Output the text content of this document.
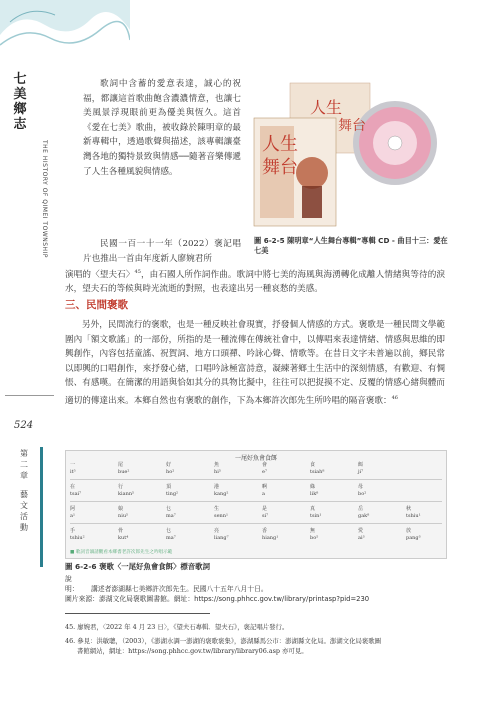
七
美
鄉
志
THE HISTORY OF QIMEI TOWNSHIP
524
第
二
章
藝
文
活
動

歌詞中含蓄的愛意表達，誠心的祝福，都讓這首歌曲飽含濃濃情意，也讓七美風景浮現眼前更為優美與恆久。這首《愛在七美》歌曲，被收錄於陳明章的最新專輯中，透過歌聲與描述，該專輯讓臺灣各地的獨特景致與情感──隨著音樂傳遞了人生各種風貌與情感。

民國一百一十一年（2022）褒記唱片也推出一首由年度新人廖婉君所

演唱的〈望夫石〉$^{45}$，由石國人所作詞作曲。歌詞中將七美的海風與海湧轉化成離人情緒與等待的淚水，望夫石的等候與時光流逝的對照，也表達出另一種哀愁的美感。

人生
舞台
人生
舞台
圖 6-2-5 陳明章“人生舞台專輯”專輯 CD - 曲目十三：愛在七美
三、民間褒歌

另外，民間流行的褒歌，也是一種反映社會現實，抒發個人情感的方式。褒歌是一種民間文學範圍內「額文歌謠」的一部份，所指的是一種流傳在傳統社會中，以傳唱來表達情緒、情感與思維的即興創作，內容包括童謠、祝賀詞、地方口頭禪、吟詠心聲、情歌等。在昔日文字未普遍以前，鄉民常以即興的口唱創作，來抒發心緒，口唱吟詠極富詩意，凝練著鄉土生活中的深刻情感，有歡迎、有惆悵、有感嘆。在簡潔的用語與恰如其分的具物比擬中，往往可以把捉摸不定、反覆的情感心緒與體而適切的傳達出來。本鄉自然也有褒歌的創作，下為本鄉許次郎先生所吟唱的隔音褒歌：$^{46}$

一尾好魚會食餌
一
it⁵
尾
bue²
好
ho²
魚
hi⁵
會
e⁷
食
tsiah⁸
餌
ji⁷
在
tsai⁷
行
kiann⁵
頂
ting²
港
kang²
啊
a
綠
lik⁸
母
bo²
阿
a¹
娘
niu⁵
乜
ma⁷
生
senn¹
是
si⁷
真
tsin¹
岳
gak⁸
秋
tshiu¹
手
tshiu²
骨
kut⁴
乜
ma⁷
亮
liang⁷
香
hiang¹
無
bo⁵
愛
ai³
放
pang³
■ 歌詞音韻請觀看本鄉耆老許次郎先生之吟唱示範
圖 6-2-6 褒歌〈一尾好魚會食餌〉標音歌詞
說　明： 講述者澎湖縣七美鄉許次郎先生。民國八十五年八月十日。
圖片來源：澎湖文化局褒歌圖書館。網址：https://song.phhcc.gov.tw/library/printasp?pid=230
45. 廖婉君，〈2022 年 4 月 23 日〉，《望夫石專輯．望夫石》，褒記唱片發行。
46. 參見：洪敏聰，（2003），《澎湖水調一澎湖的褒歌褒集》，澎湖縣馬公市：澎湖縣文化局。澎湖文化局褒歌圖
書館網站，網址：https://song.phhcc.gov.tw/library/library06.asp 亦可見。
